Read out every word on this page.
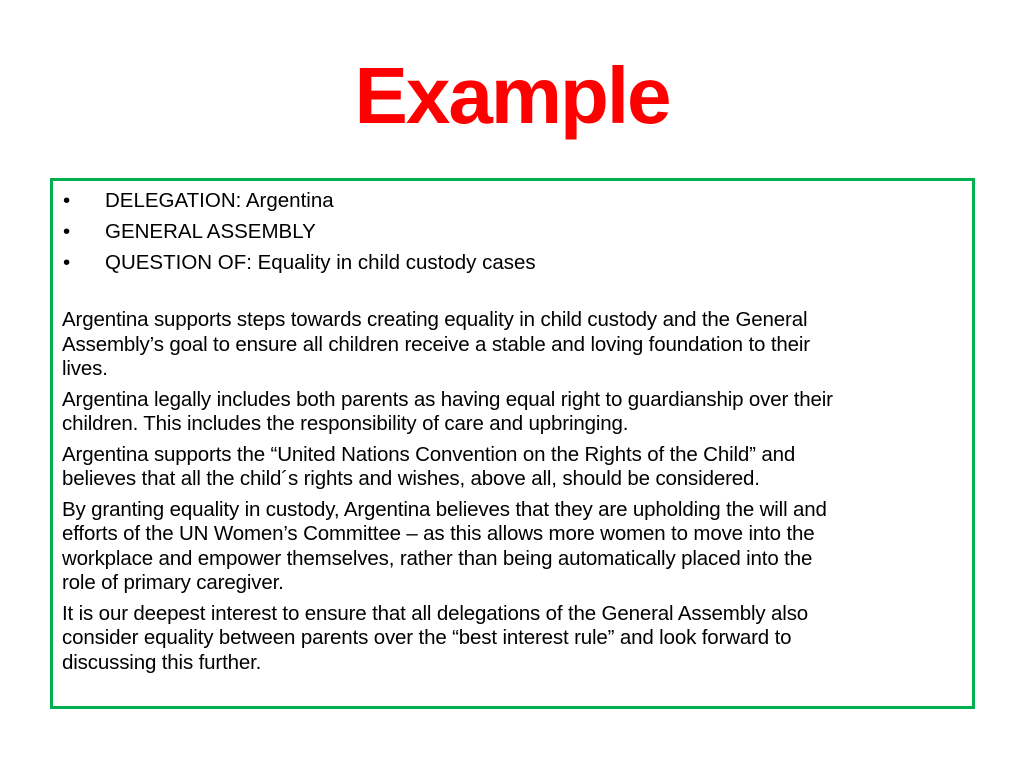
Example
• DELEGATION: Argentina
• GENERAL ASSEMBLY
• QUESTION OF: Equality in child custody cases
Argentina supports steps towards creating equality in child custody and the General
Assembly’s goal to ensure all children receive a stable and loving foundation to their
lives.
Argentina legally includes both parents as having equal right to guardianship over their
children. This includes the responsibility of care and upbringing.
Argentina supports the “United Nations Convention on the Rights of the Child” and
believes that all the child´s rights and wishes, above all, should be considered.
By granting equality in custody, Argentina believes that they are upholding the will and
efforts of the UN Women’s Committee – as this allows more women to move into the
workplace and empower themselves, rather than being automatically placed into the
role of primary caregiver.
It is our deepest interest to ensure that all delegations of the General Assembly also
consider equality between parents over the “best interest rule” and look forward to
discussing this further.
